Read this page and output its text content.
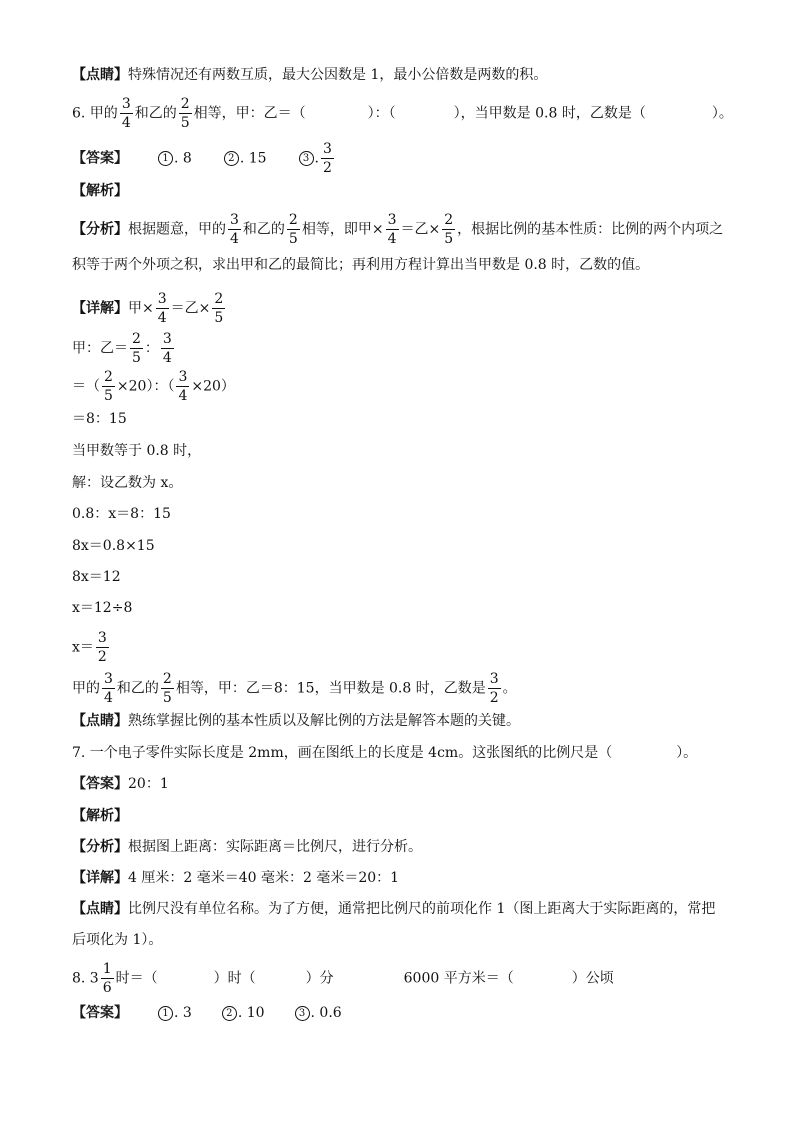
【点睛】特殊情况还有两数互质，最大公因数是 1，最小公倍数是两数的积。
6. 甲的 $\frac{3}{4}$ 和乙的 $\frac{2}{5}$ 相等，甲：乙＝（	）：（	），当甲数是 0.8 时，乙数是（	）。
【答案】	1 . 8	2 . 15	3 . $\frac{3}{2}$
【解析】
【分析】根据题意，甲的 $\frac{3}{4}$ 和乙的 $\frac{2}{5}$ 相等，即甲× $\frac{3}{4}$ ＝乙× $\frac{2}{5}$ ，根据比例的基本性质：比例的两个内项之
积等于两个外项之积，求出甲和乙的最简比；再利用方程计算出当甲数是 0.8 时，乙数的值。
【详解】甲× $\frac{3}{4}$ ＝乙× $\frac{2}{5}$
甲：乙＝ $\frac{2}{5}$ ： $\frac{3}{4}$
＝（ $\frac{2}{5} \times 20$）：（ $\frac{3}{4} \times 20$）
＝8：15
当甲数等于 0.8 时，
解：设乙数为 x。
0.8：x＝8：15
8x＝0.8×15
8x＝12
x＝12÷8
$x= \frac{3}{2}$
甲的 $\frac{3}{4}$ 和乙的 $\frac{2}{5}$ 相等，甲：乙＝8：15，当甲数是 0.8 时，乙数是 $\frac{3}{2}$ 。
【点睛】熟练掌握比例的基本性质以及解比例的方法是解答本题的关键。
7. 一个电子零件实际长度是 2mm，画在图纸上的长度是 4cm。这张图纸的比例尺是（	）。
【答案】20：1
【解析】
【分析】根据图上距离：实际距离＝比例尺，进行分析。
【详解】4 厘米：2 毫米＝40 毫米：2 毫米＝20：1
【点睛】比例尺没有单位名称。为了方便，通常把比例尺的前项化作 1（图上距离大于实际距离的，常把
后项化为 1）。
8. $3 \frac{1}{6}$ 时＝（	）时（	）分	6000 平方米＝（	）公顷
【答案】	1 . 3	2 . 10	3 . 0.6
